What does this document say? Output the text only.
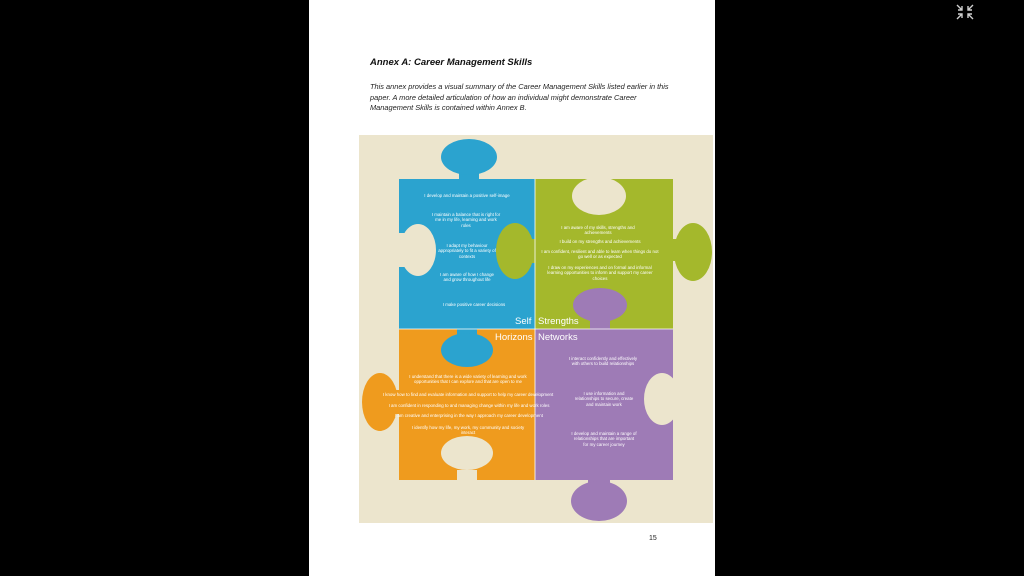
Annex A: Career Management Skills

This annex provides a visual summary of the Career Management Skills listed earlier in this paper. A more detailed articulation of how an individual might demonstrate Career Management Skills is contained within Annex B.

I develop and maintain a positive self-image

I maintain a balance that is right for me in my life, learning and work roles

I adapt my behaviour appropriately to fit a variety of contexts

I am aware of how I change and grow throughout life

I make positive career decisions

I am aware of my skills, strengths and achievements

I build on my strengths and achievements

I am confident, resilient and able to learn when things do not go well or as expected

I draw on my experiences and on formal and informal learning opportunities to inform and support my career choices

Self Strengths

Horizons Networks

I understand that there is a wide variety of learning and work opportunities that I can explore and that are open to me

I know how to find and evaluate information and support to help my career development

I am confident in responding to and managing change within my life and work roles

I am creative and enterprising in the way I approach my career development

I identify how my life, my work, my community and society interact

I interact confidently and effectively with others to build relationships

I use information and relationships to secure, create and maintain work

I develop and maintain a range of relationships that are important for my career journey

15
